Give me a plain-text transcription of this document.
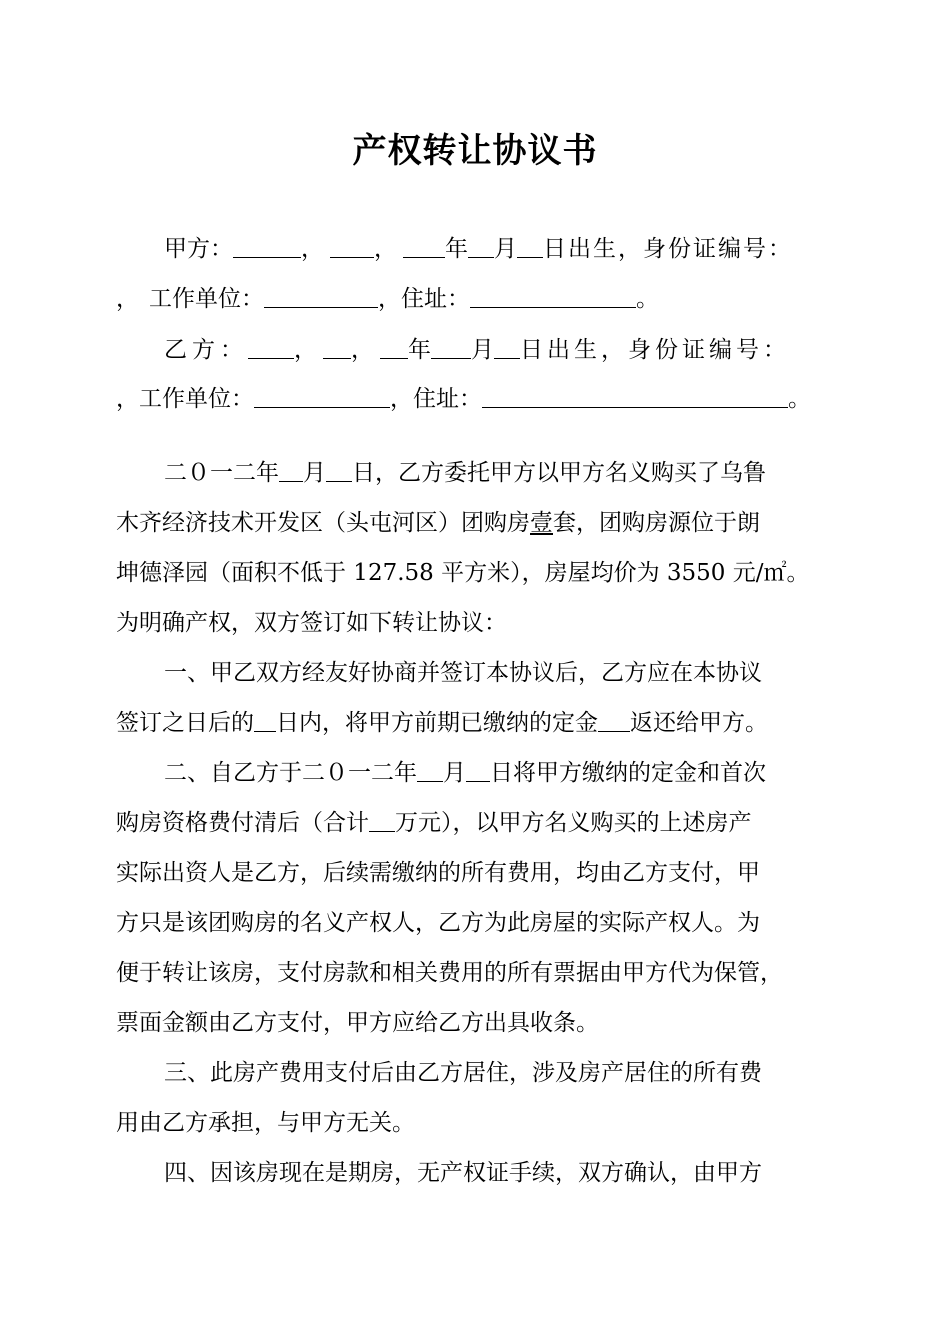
产权转让协议书
甲方：	， ， 年 月 日出生，身份证编号：
， 工作单位：	，住址：	。
乙方： ， ， 年 月 日出生，身份证编号：
，工作单位：	，住址：	。
二０一二年 月 日，乙方委托甲方以甲方名义购买了乌鲁
木齐经济技术开发区（头屯河区）团购房壹套，团购房源位于朗
坤德泽园（面积不低于 127.58 平方米），房屋均价为 3550 元/㎡。
为明确产权，双方签订如下转让协议：
一、甲乙双方经友好协商并签订本协议后，乙方应在本协议
签订之日后的 日内，将甲方前期已缴纳的定金 返还给甲方。
二、自乙方于二０一二年 月 日将甲方缴纳的定金和首次
购房资格费付清后（合计 万元），以甲方名义购买的上述房产
实际出资人是乙方，后续需缴纳的所有费用，均由乙方支付，甲
方只是该团购房的名义产权人，乙方为此房屋的实际产权人。为
便于转让该房，支付房款和相关费用的所有票据由甲方代为保管，
票面金额由乙方支付，甲方应给乙方出具收条。
三、此房产费用支付后由乙方居住，涉及房产居住的所有费
用由乙方承担，与甲方无关。
四、因该房现在是期房，无产权证手续，双方确认，由甲方
